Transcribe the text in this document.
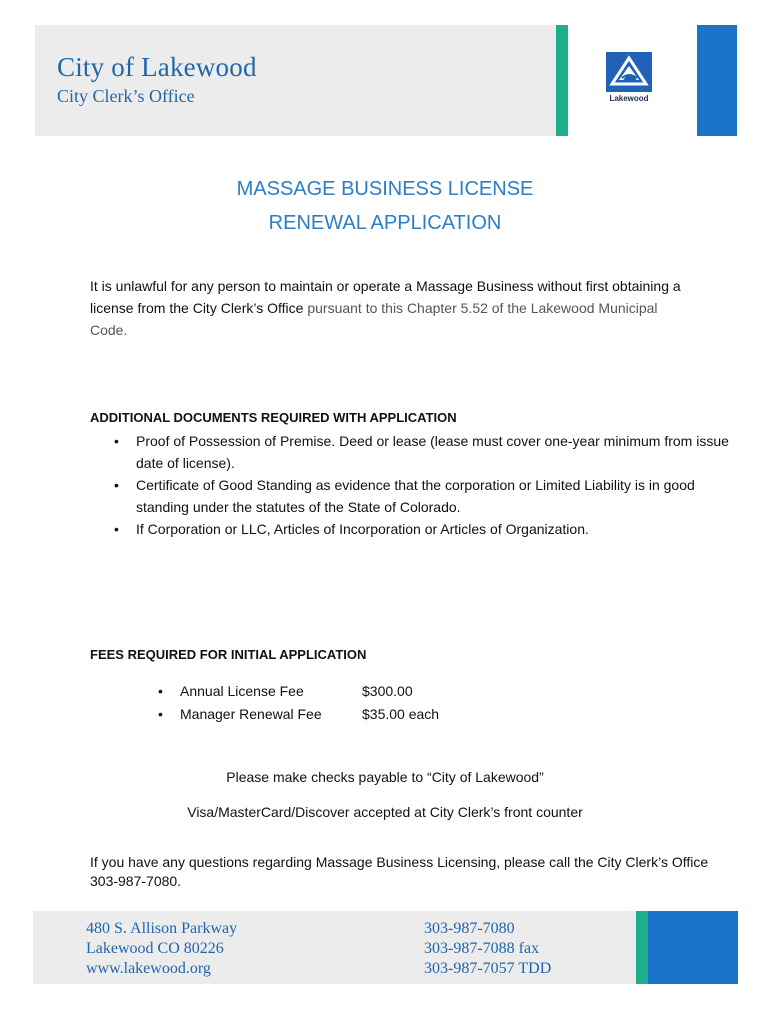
City of Lakewood
City Clerk’s Office	Lakewood
MASSAGE BUSINESS LICENSE
RENEWAL APPLICATION
It is unlawful for any person to maintain or operate a Massage Business without first obtaining a license from the City Clerk’s Office pursuant to this Chapter 5.52 of the Lakewood Municipal Code.
ADDITIONAL DOCUMENTS REQUIRED WITH APPLICATION
• Proof of Possession of Premise. Deed or lease (lease must cover one-year minimum from issue date of license).
• Certificate of Good Standing as evidence that the corporation or Limited Liability is in good standing under the statutes of the State of Colorado.
• If Corporation or LLC, Articles of Incorporation or Articles of Organization.
FEES REQUIRED FOR INITIAL APPLICATION
• Annual License Fee	$300.00
• Manager Renewal Fee	$35.00 each
Please make checks payable to “City of Lakewood”
Visa/MasterCard/Discover accepted at City Clerk’s front counter
If you have any questions regarding Massage Business Licensing, please call the City Clerk’s Office 303-987-7080.
480 S. Allison Parkway
Lakewood CO 80226
www.lakewood.org
303-987-7080
303-987-7088 fax
303-987-7057 TDD
